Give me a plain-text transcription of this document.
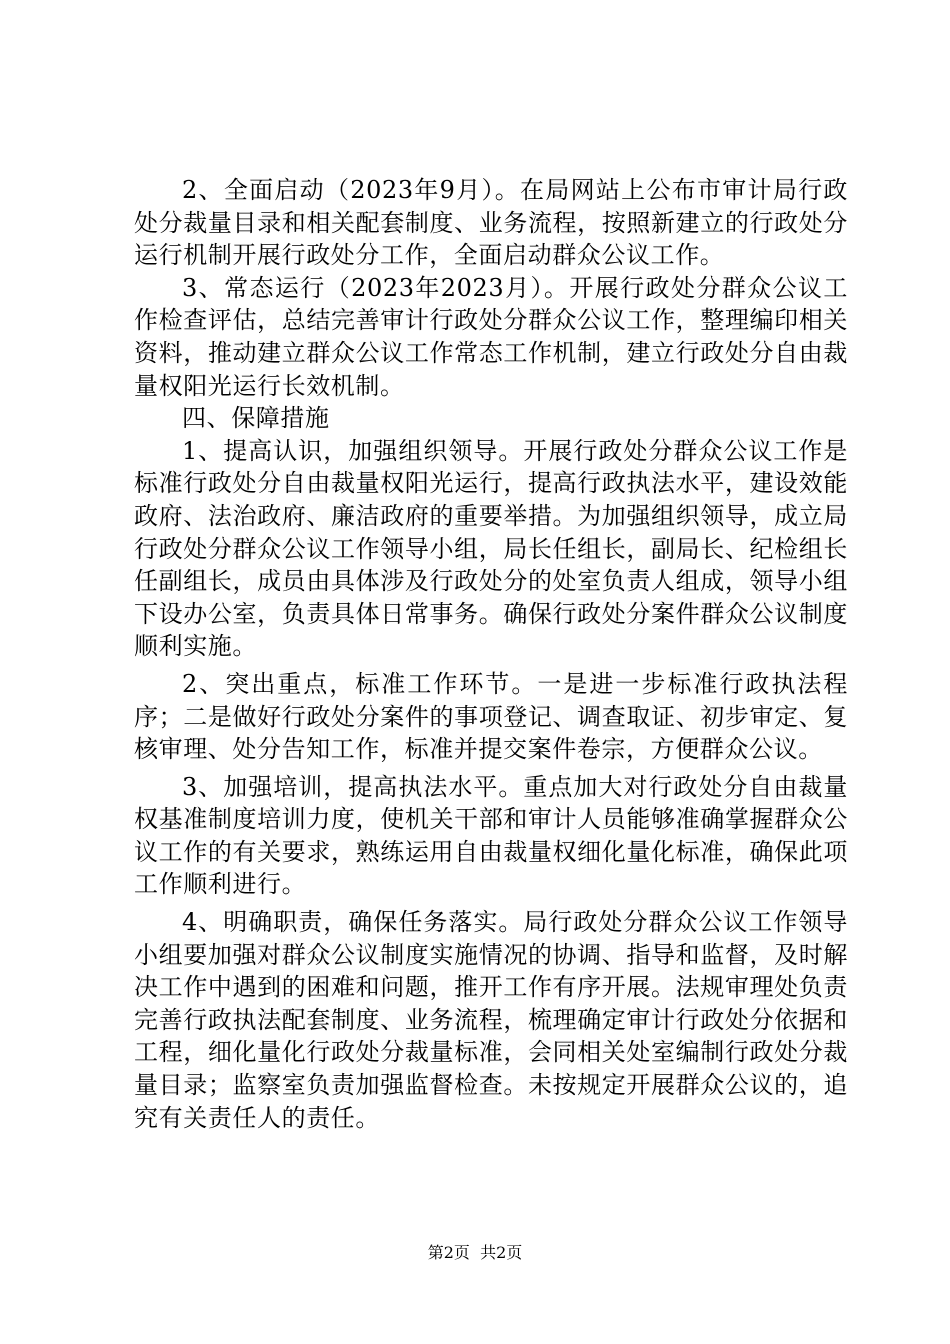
2、全面启动（2023年9月）。在局网站上公布市审计局行政处分裁量目录和相关配套制度、业务流程，按照新建立的行政处分运行机制开展行政处分工作，全面启动群众公议工作。

3、常态运行（2023年2023月）。开展行政处分群众公议工作检查评估，总结完善审计行政处分群众公议工作，整理编印相关资料，推动建立群众公议工作常态工作机制，建立行政处分自由裁量权阳光运行长效机制。

四、保障措施

1、提高认识，加强组织领导。开展行政处分群众公议工作是标准行政处分自由裁量权阳光运行，提高行政执法水平，建设效能政府、法治政府、廉洁政府的重要举措。为加强组织领导，成立局行政处分群众公议工作领导小组，局长任组长，副局长、纪检组长任副组长，成员由具体涉及行政处分的处室负责人组成，领导小组下设办公室，负责具体日常事务。确保行政处分案件群众公议制度顺利实施。

2、突出重点，标准工作环节。一是进一步标准行政执法程序；二是做好行政处分案件的事项登记、调查取证、初步审定、复核审理、处分告知工作，标准并提交案件卷宗，方便群众公议。

3、加强培训，提高执法水平。重点加大对行政处分自由裁量权基准制度培训力度，使机关干部和审计人员能够准确掌握群众公议工作的有关要求，熟练运用自由裁量权细化量化标准，确保此项工作顺利进行。

4、明确职责，确保任务落实。局行政处分群众公议工作领导小组要加强对群众公议制度实施情况的协调、指导和监督，及时解决工作中遇到的困难和问题，推开工作有序开展。法规审理处负责完善行政执法配套制度、业务流程，梳理确定审计行政处分依据和工程，细化量化行政处分裁量标准，会同相关处室编制行政处分裁量目录；监察室负责加强监督检查。未按规定开展群众公议的，追究有关责任人的责任。

第2页  共2页
